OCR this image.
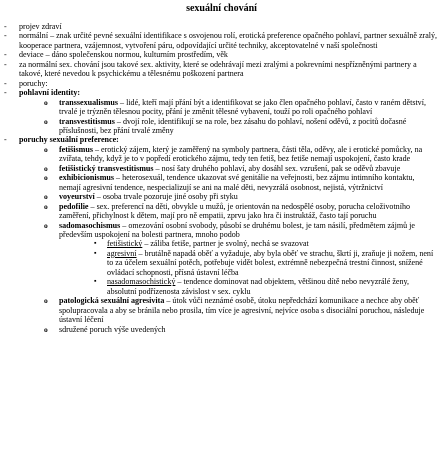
sexuální chování
- projev zdraví
- normální – znak určité pevné sexuální identifikace s osvojenou rolí, erotická preference opačného pohlaví, partner sexuálně zralý, kooperace partnera, vzájemnost, vytvoření páru, odpovídající určité techniky, akceptovatelné v naší společnosti
- deviace – dáno společenskou normou, kulturním prostředím, věk
- za normální sex. chování jsou takové sex. aktivity, které se odehrávají mezi zralými a pokrevními nespřízněnými partnery a takové, které nevedou k psychickému a tělesnému poškození partnera
- poruchy:
- pohlavní identity:
o transsexualismus – lidé, kteří mají přání být a identifikovat se jako člen opačného pohlaví, často v raném dětství, trvalé je trýzněn tělesnou pocity, přání je změnit tělesné vybavení, touží po roli opačného pohlaví
o transvestitismus – dvojí role, identifikují se na role, bez zásahu do pohlaví, nošení oděvů, z pocitů dočasné příslušnosti, bez přání trvalé změny
- poruchy sexuální preference:
o fetišismus – erotický zájem, který je zaměřený na symboly partnera, části těla, oděvy, ale i erotické pomůcky, na zvířata, tehdy, když je to v popředí erotického zájmu, tedy ten fetiš, bez fetiše nemají uspokojení, často krade
o fetišistický transvestitismus – nosí šaty druhého pohlaví, aby dosáhl sex. vzrušení, pak se oděvů zbavuje
o exhibicionismus – heterosexuál, tendence ukazovat své genitálie na veřejnosti, bez zájmu intimního kontaktu, nemají agresivní tendence, nespecializují se ani na malé děti, nevyzrálá osobnost, nejistá, výtržnictví
o voyeurství – osoba trvale pozoruje jiné osoby při styku
o pedofilie – sex. preferencí na děti, obvykle u mužů, je orientován na nedospělé osoby, porucha celoživotního zaměření, přichylnost k dětem, mají pro ně empatii, zprvu jako hra či instruktáž, často tají poruchu
o sadomasochismus – omezování osobní svobody, působí se druhému bolest, je tam násilí, předmětem zájmů je především uspokojení na bolesti partnera, mnoho podob
▪ fetišistický – záliba fetiše, partner je svolný, nechá se svazovat
▪ agresivní – brutálně napadá oběť a vyžaduje, aby byla oběť ve strachu, škrtí ji, zraňuje ji nožem, není to za účelem sexuální potěch, potřebuje vidět bolest, extrémně nebezpečná trestní činnost, snížené ovládací schopnosti, přísná ústavní léčba
▪ nasadomasochistický – tendence dominovat nad objektem, většinou dítě nebo nevyzrálé ženy, absolutní podřízenosta závislost v sex. cyklu
o patologická sexuální agresivita – útok vůči neznámé osobě, útoku nepředchází komunikace a nechce aby oběť spolupracovala a aby se bránila nebo prosila, tím více je agresivní, nejvíce osoba s disociální poruchou, následuje ústavní léčení
o sdružené poruch výše uvedených
